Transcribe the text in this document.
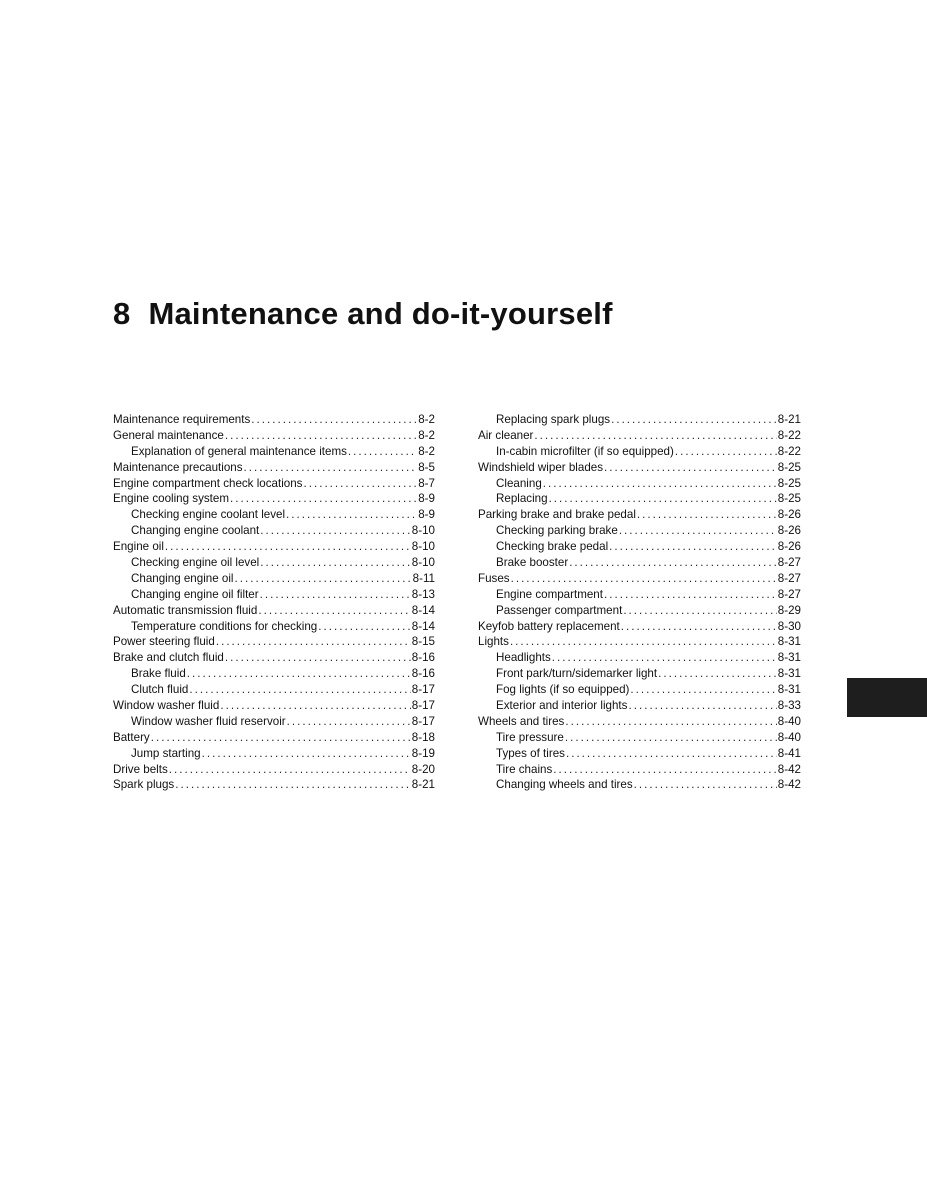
8 Maintenance and do-it-yourself
Maintenance requirements . . .	8-2
General maintenance . . .	8-2
Explanation of general maintenance items . . .	8-2
Maintenance precautions . . .	8-5
Engine compartment check locations . . .	8-7
Engine cooling system . . .	8-9
Checking engine coolant level . . .	8-9
Changing engine coolant . . .	8-10
Engine oil . . .	8-10
Checking engine oil level . . .	8-10
Changing engine oil . . .	8-11
Changing engine oil filter . . .	8-13
Automatic transmission fluid . . .	8-14
Temperature conditions for checking . . .	8-14
Power steering fluid . . .	8-15
Brake and clutch fluid . . .	8-16
Brake fluid . . .	8-16
Clutch fluid . . .	8-17
Window washer fluid . . .	8-17
Window washer fluid reservoir . . .	8-17
Battery . . .	8-18
Jump starting . . .	8-19
Drive belts . . .	8-20
Spark plugs . . .	8-21
Replacing spark plugs . . .	8-21
Air cleaner . . .	8-22
In-cabin microfilter (if so equipped) . . .	8-22
Windshield wiper blades . . .	8-25
Cleaning . . .	8-25
Replacing . . .	8-25
Parking brake and brake pedal . . .	8-26
Checking parking brake . . .	8-26
Checking brake pedal . . .	8-26
Brake booster . . .	8-27
Fuses . . .	8-27
Engine compartment . . .	8-27
Passenger compartment . . .	8-29
Keyfob battery replacement . . .	8-30
Lights . . .	8-31
Headlights . . .	8-31
Front park/turn/sidemarker light . . .	8-31
Fog lights (if so equipped) . . .	8-31
Exterior and interior lights . . .	8-33
Wheels and tires . . .	8-40
Tire pressure . . .	8-40
Types of tires . . .	8-41
Tire chains . . .	8-42
Changing wheels and tires . . .	8-42
